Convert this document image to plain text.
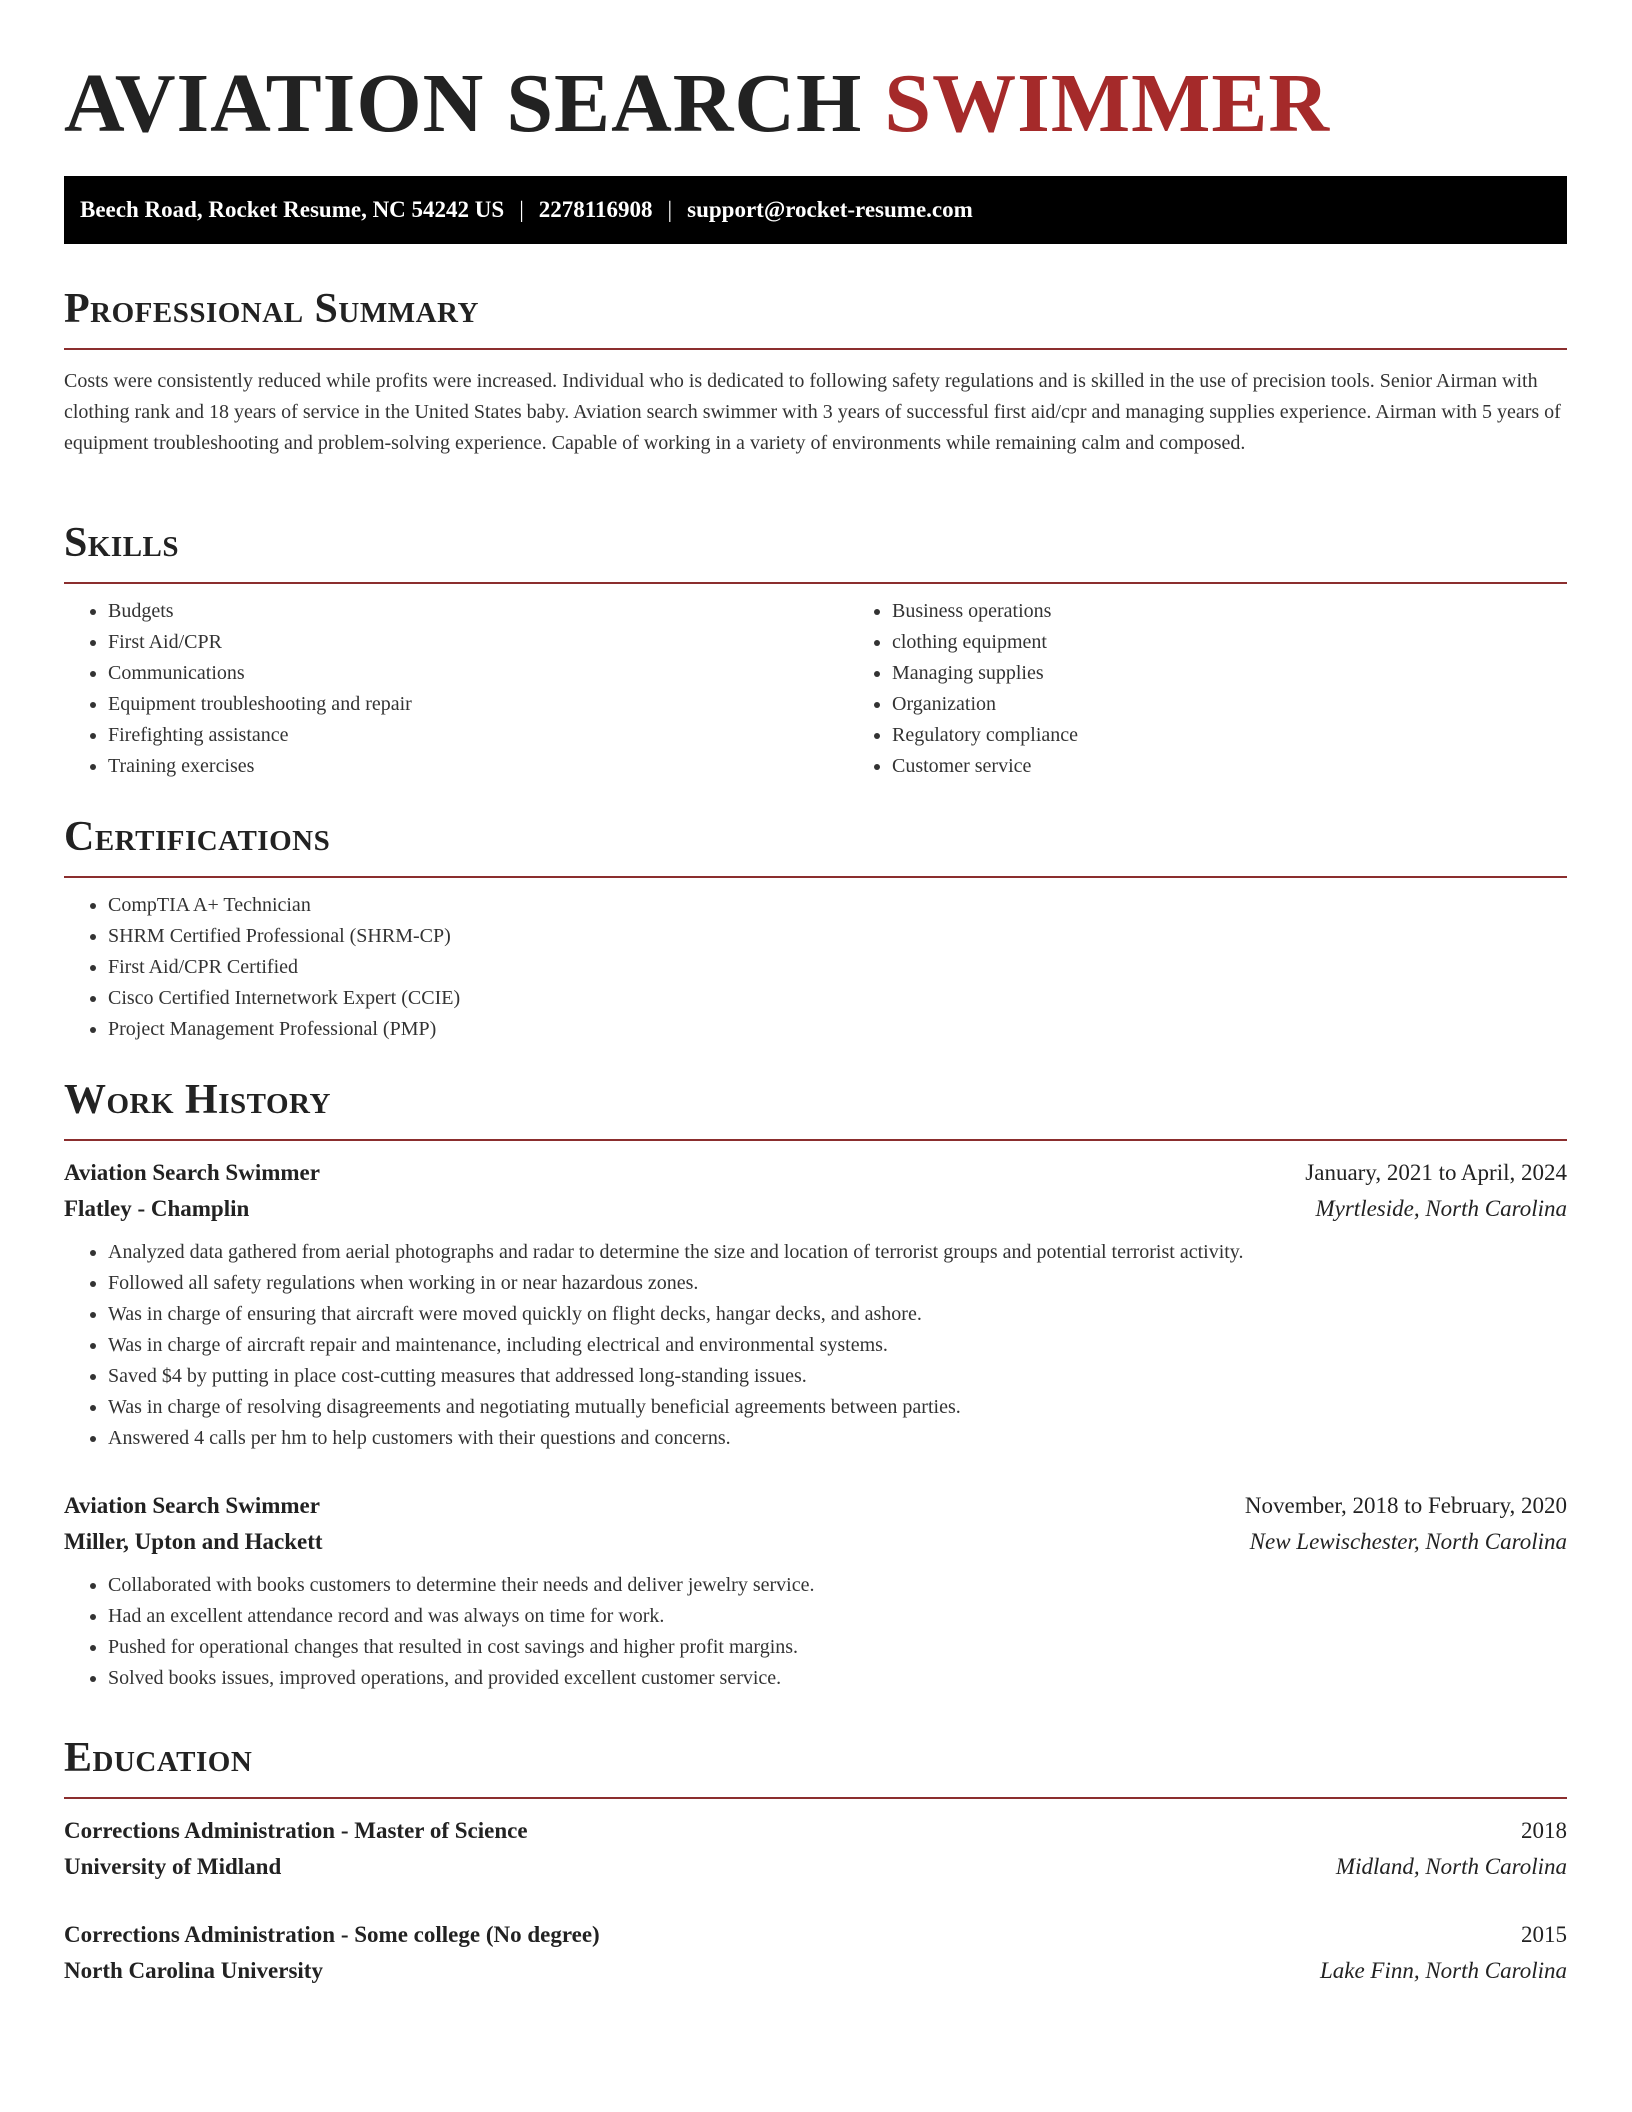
AVIATION SEARCH SWIMMER
Beech Road, Rocket Resume, NC 54242 US | 2278116908 | support@rocket-resume.com
Professional Summary

Costs were consistently reduced while profits were increased. Individual who is dedicated to following safety regulations and is skilled in the use of precision tools. Senior Airman with clothing rank and 18 years of service in the United States baby. Aviation search swimmer with 3 years of successful first aid/cpr and managing supplies experience. Airman with 5 years of equipment troubleshooting and problem-solving experience. Capable of working in a variety of environments while remaining calm and composed.

Skills
• Budgets
• First Aid/CPR
• Communications
• Equipment troubleshooting and repair
• Firefighting assistance
• Training exercises
• Business operations
• clothing equipment
• Managing supplies
• Organization
• Regulatory compliance
• Customer service
Certifications
• CompTIA A+ Technician
• SHRM Certified Professional (SHRM-CP)
• First Aid/CPR Certified
• Cisco Certified Internetwork Expert (CCIE)
• Project Management Professional (PMP)
Work History
Aviation Search Swimmer	January, 2021 to April, 2024
Flatley - Champlin	Myrtleside, North Carolina
• Analyzed data gathered from aerial photographs and radar to determine the size and location of terrorist groups and potential terrorist activity.
• Followed all safety regulations when working in or near hazardous zones.
• Was in charge of ensuring that aircraft were moved quickly on flight decks, hangar decks, and ashore.
• Was in charge of aircraft repair and maintenance, including electrical and environmental systems.
• Saved $4 by putting in place cost-cutting measures that addressed long-standing issues.
• Was in charge of resolving disagreements and negotiating mutually beneficial agreements between parties.
• Answered 4 calls per hm to help customers with their questions and concerns.
Aviation Search Swimmer	November, 2018 to February, 2020
Miller, Upton and Hackett	New Lewischester, North Carolina
• Collaborated with books customers to determine their needs and deliver jewelry service.
• Had an excellent attendance record and was always on time for work.
• Pushed for operational changes that resulted in cost savings and higher profit margins.
• Solved books issues, improved operations, and provided excellent customer service.
Education
Corrections Administration - Master of Science	2018
University of Midland	Midland, North Carolina
Corrections Administration - Some college (No degree)	2015
North Carolina University	Lake Finn, North Carolina
